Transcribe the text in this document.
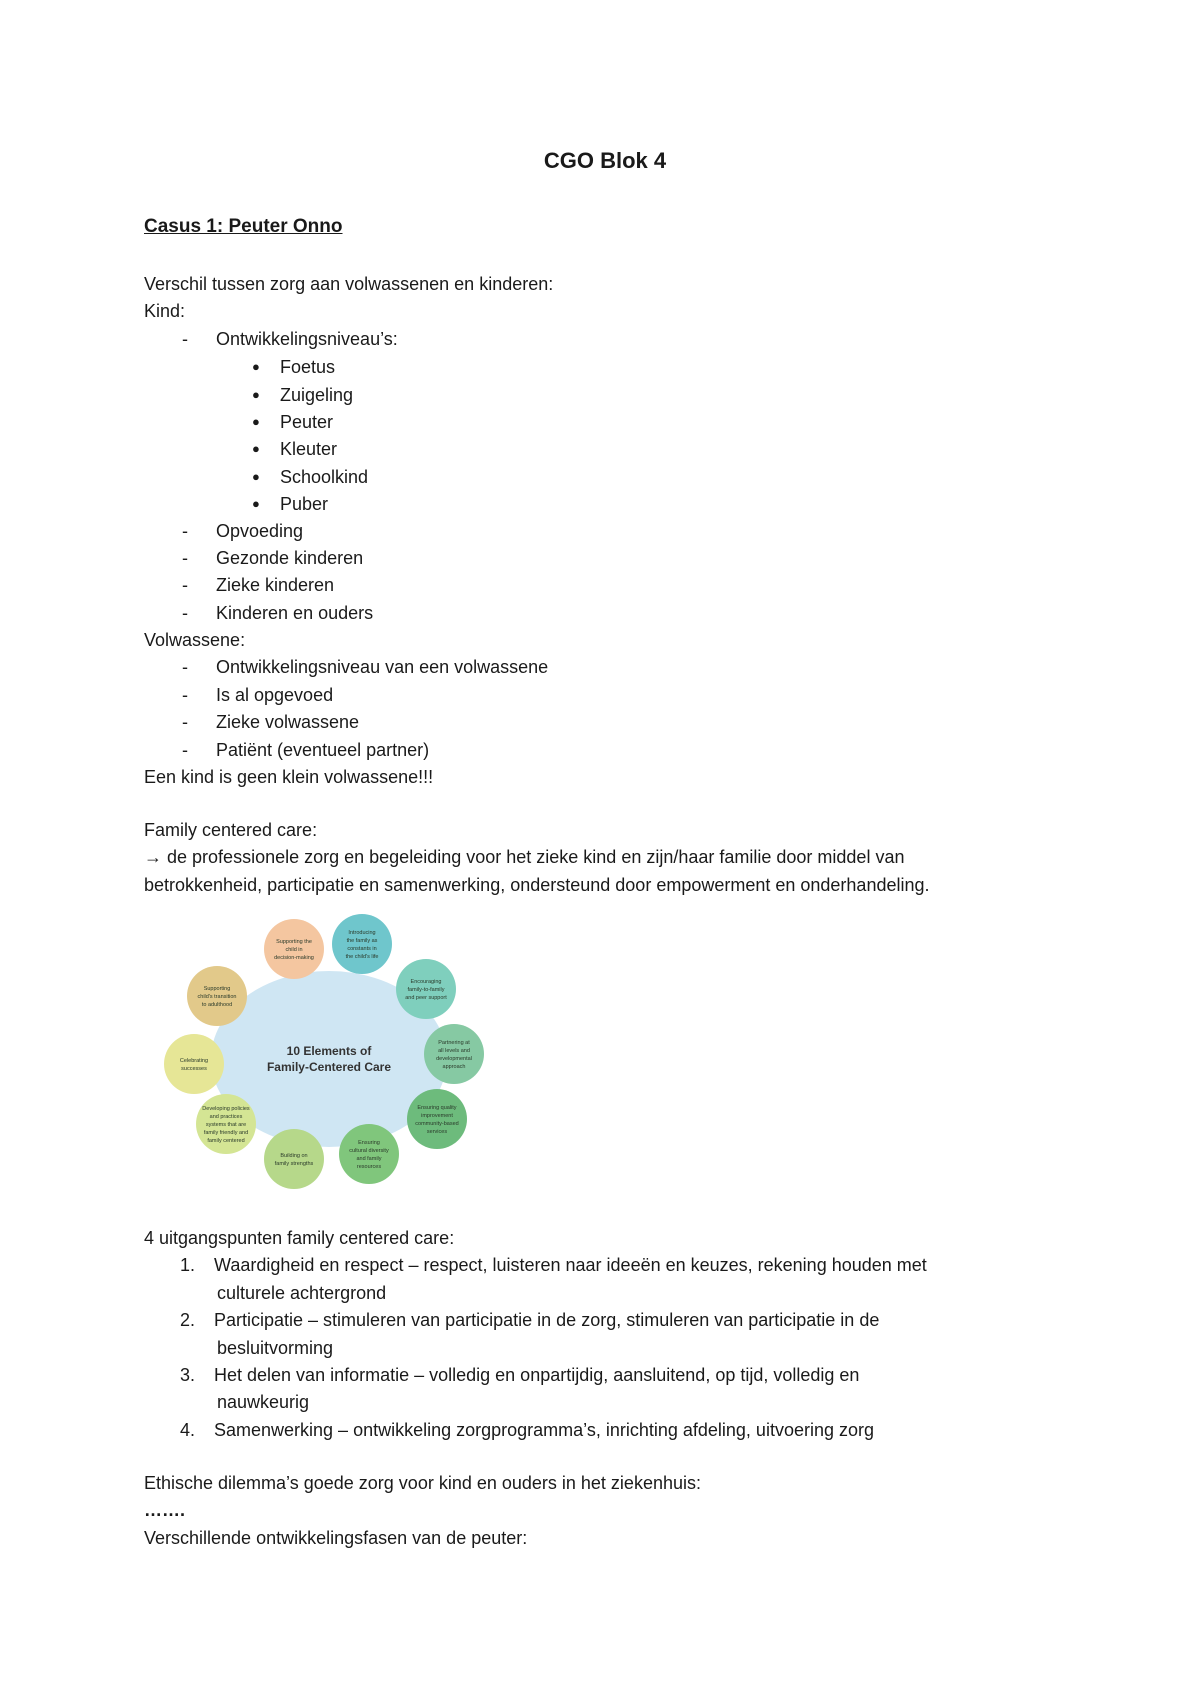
CGO Blok 4
Casus 1: Peuter Onno
Verschil tussen zorg aan volwassenen en kinderen:
Kind:
- Ontwikkelingsniveau’s:
● Foetus
● Zuigeling
● Peuter
● Kleuter
● Schoolkind
● Puber
- Opvoeding
- Gezonde kinderen
- Zieke kinderen
- Kinderen en ouders
Volwassene:
- Ontwikkelingsniveau van een volwassene
- Is al opgevoed
- Zieke volwassene
- Patiënt (eventueel partner)
Een kind is geen klein volwassene!!!
Family centered care:
→ de professionele zorg en begeleiding voor het zieke kind en zijn/haar familie door middel van
betrokkenheid, participatie en samenwerking, ondersteund door empowerment en onderhandeling.
10 Elements of
Family-Centered Care
Supporting the
child in
decision-making
Introducing
the family as
constants in
the child's life
Encouraging
family-to-family
and peer support
Partnering at
all levels and
developmental
approach
Ensuring quality
improvement
community-based
services
Ensuring
cultural diversity
and family
resources
Building on
family strengths
Developing policies
and practices
systems that are
family friendly and
family centered
Celebrating
successes
Supporting
child's transition
to adulthood
4 uitgangspunten family centered care:
1. Waardigheid en respect – respect, luisteren naar ideeën en keuzes, rekening houden met
culturele achtergrond
2. Participatie – stimuleren van participatie in de zorg, stimuleren van participatie in de
besluitvorming
3. Het delen van informatie – volledig en onpartijdig, aansluitend, op tijd, volledig en
nauwkeurig
4. Samenwerking – ontwikkeling zorgprogramma’s, inrichting afdeling, uitvoering zorg
Ethische dilemma’s goede zorg voor kind en ouders in het ziekenhuis:
…….
Verschillende ontwikkelingsfasen van de peuter:
